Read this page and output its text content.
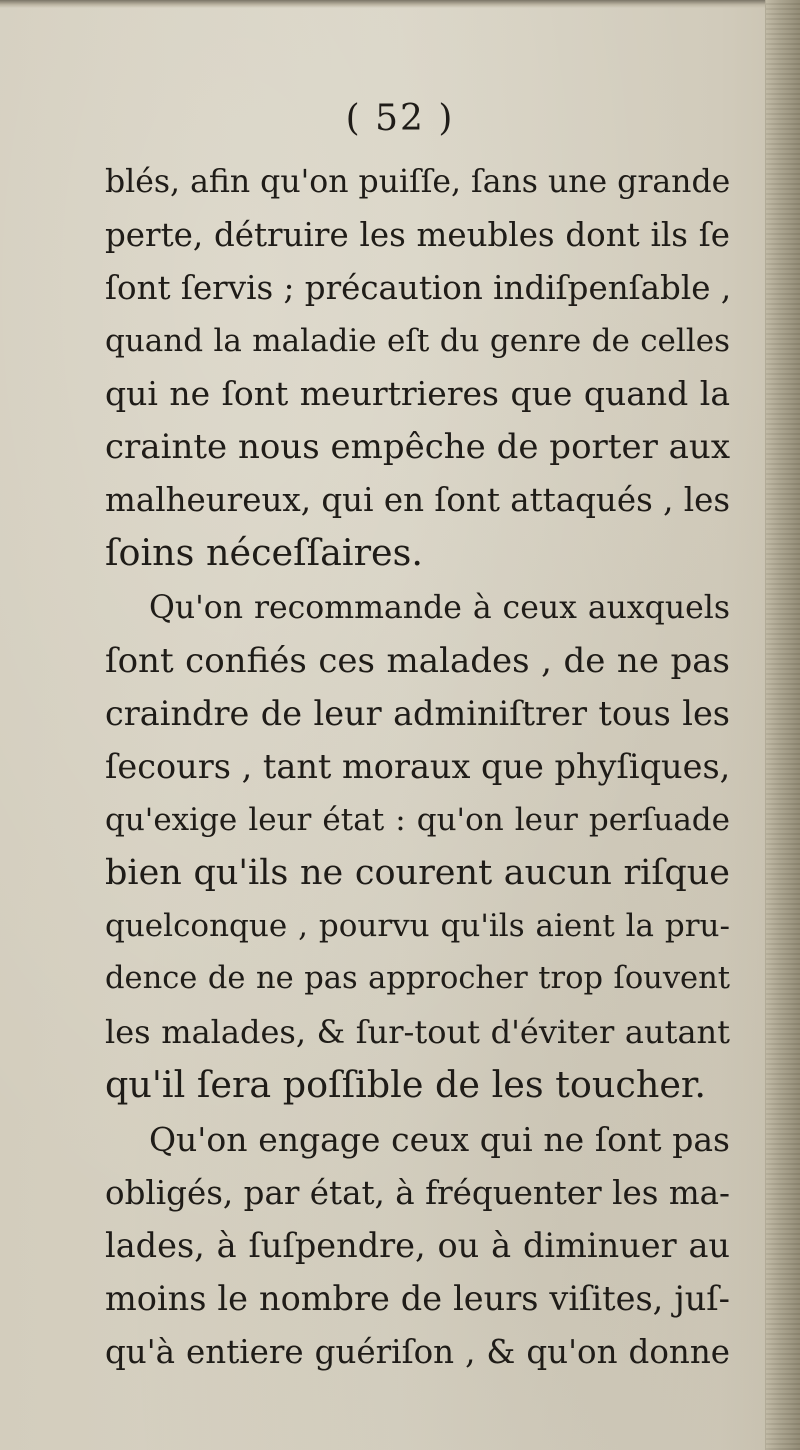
( 52 )
blés, afin qu'on puiſſe, ſans une grande
perte, détruire les meubles dont ils ſe
ſont ſervis ; précaution indiſpenſable ,
quand la maladie eſt du genre de celles
qui ne ſont meurtrieres que quand la
crainte nous empêche de porter aux
malheureux, qui en ſont attaqués , les
ſoins néceſſaires.
Qu'on recommande à ceux auxquels
ſont confiés ces malades , de ne pas
craindre de leur adminiſtrer tous les
ſecours , tant moraux que phyſiques,
qu'exige leur état : qu'on leur perſuade
bien qu'ils ne courent aucun riſque
quelconque , pourvu qu'ils aient la pru-
dence de ne pas approcher trop ſouvent
les malades, & ſur-tout d'éviter autant
qu'il ſera poſſible de les toucher.
Qu'on engage ceux qui ne ſont pas
obligés, par état, à fréquenter les ma-
lades, à ſuſpendre, ou à diminuer au
moins le nombre de leurs viſites, juſ-
qu'à entiere guériſon , & qu'on donne
